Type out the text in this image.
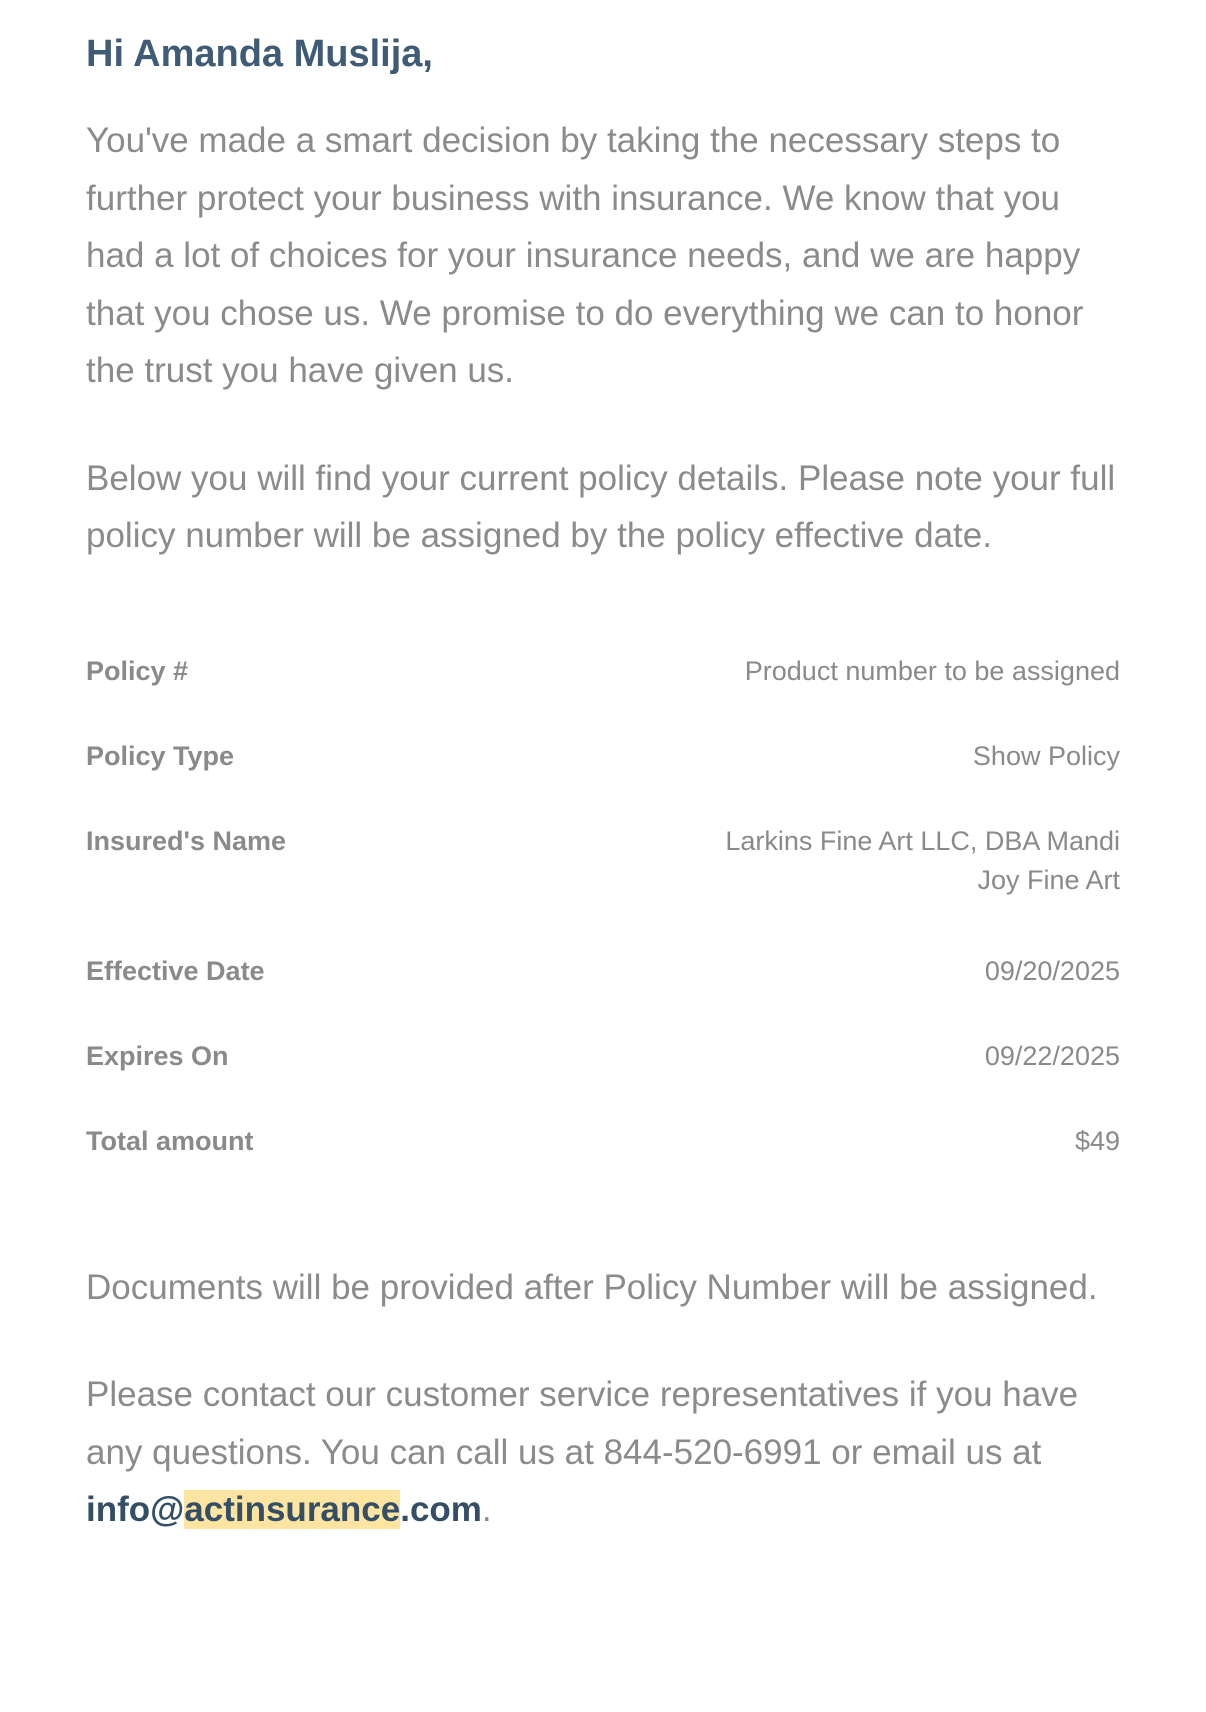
Hi Amanda Muslija,

You've made a smart decision by taking the necessary steps to further protect your business with insurance. We know that you had a lot of choices for your insurance needs, and we are happy that you chose us. We promise to do everything we can to honor the trust you have given us.

Below you will find your current policy details. Please note your full policy number will be assigned by the policy effective date.

Policy #	Product number to be assigned
Policy Type	Show Policy
Insured's Name	Larkins Fine Art LLC, DBA Mandi Joy Fine Art
Effective Date	09/20/2025
Expires On	09/22/2025
Total amount	$49

Documents will be provided after Policy Number will be assigned.

Please contact our customer service representatives if you have any questions. You can call us at 844-520-6991 or email us at info@actinsurance.com.
